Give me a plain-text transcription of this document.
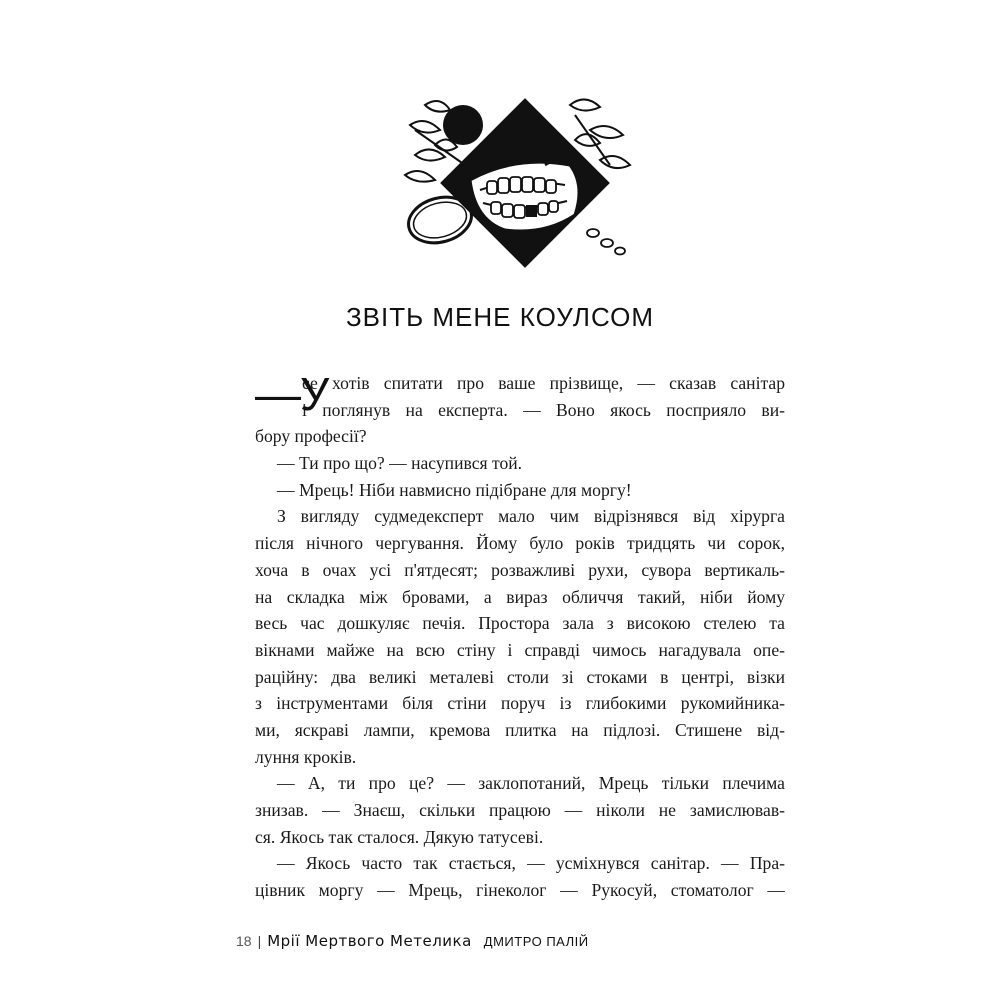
ЗВІТЬ МЕНЕ КОУЛСОМ
—У
се хотів спитати про ваше прізвище, — сказав санітар
і поглянув на експерта. — Воно якось посприяло ви-
бору професії?
— Ти про що? — насупився той.
— Мрець! Ніби навмисно підібране для моргу!
З вигляду судмедексперт мало чим відрізнявся від хірурга
після нічного чергування. Йому було років тридцять чи сорок,
хоча в очах усі п'ятдесят; розважливі рухи, сувора вертикаль-
на складка між бровами, а вираз обличчя такий, ніби йому
весь час дошкуляє печія. Простора зала з високою стелею та
вікнами майже на всю стіну і справді чимось нагадувала опе-
раційну: два великі металеві столи зі стоками в центрі, візки
з інструментами біля стіни поруч із глибокими рукомийника-
ми, яскраві лампи, кремова плитка на підлозі. Стишене від-
луння кроків.
— А, ти про це? — заклопотаний, Мрець тільки плечима
знизав. — Знаєш, скільки працюю — ніколи не замислював-
ся. Якось так сталося. Дякую татусеві.
— Якось часто так стається, — усміхнувся санітар. — Пра-
цівник моргу — Мрець, гінеколог — Рукосуй, стоматолог —
18 | Мрії Мертвого Метелика ДМИТРО ПАЛІЙ
